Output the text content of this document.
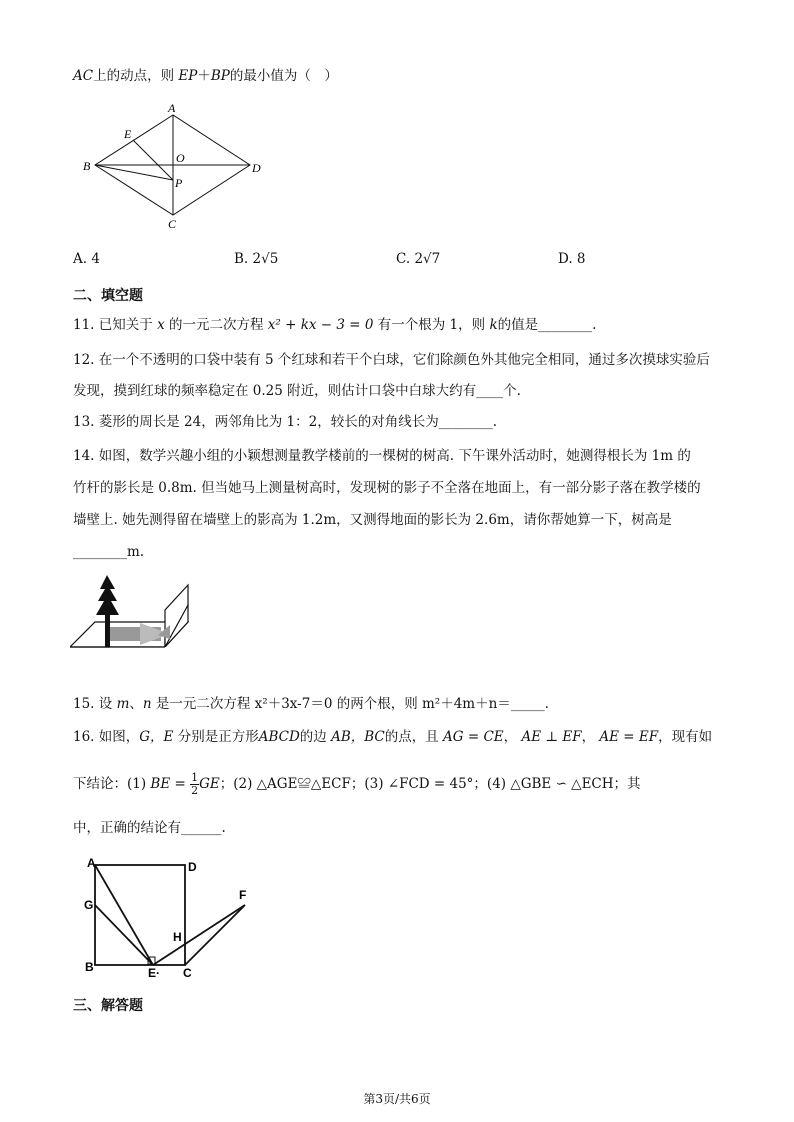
AC上的动点，则 EP＋BP的最小值为（　）
A
B
C
D
E
O
P
A. 4	B. 2√5	C. 2√7	D. 8
二、填空题
11. 已知关于 x 的一元二次方程 x² + kx − 3 = 0 有一个根为 1，则 k的值是________.
12. 在一个不透明的口袋中装有 5 个红球和若干个白球，它们除颜色外其他完全相同，通过多次摸球实验后
发现，摸到红球的频率稳定在 0.25 附近，则估计口袋中白球大约有____个.
13. 菱形的周长是 24，两邻角比为 1：2，较长的对角线长为________.
14. 如图，数学兴趣小组的小颖想测量教学楼前的一棵树的树高. 下午课外活动时，她测得根长为 1m 的
竹杆的影长是 0.8m. 但当她马上测量树高时，发现树的影子不全落在地面上，有一部分影子落在教学楼的
墙壁上. 她先测得留在墙壁上的影高为 1.2m，又测得地面的影长为 2.6m，请你帮她算一下，树高是
________m.
15. 设 m、n 是一元二次方程 x²＋3x-7＝0 的两个根，则 m²＋4m＋n＝_____.
16. 如图，G，E 分别是正方形ABCD的边 AB，BC的点，且 AG = CE， AE ⊥ EF， AE = EF，现有如
下结论：(1) BE = $\frac{1}{2}$ GE；(2) △AGE≌△ECF；(3) ∠FCD = 45°；(4) △GBE ∽ △ECH；其
中，正确的结论有______.
A	D
G
F
H
B	E· C
三、解答题
第3页/共6页
